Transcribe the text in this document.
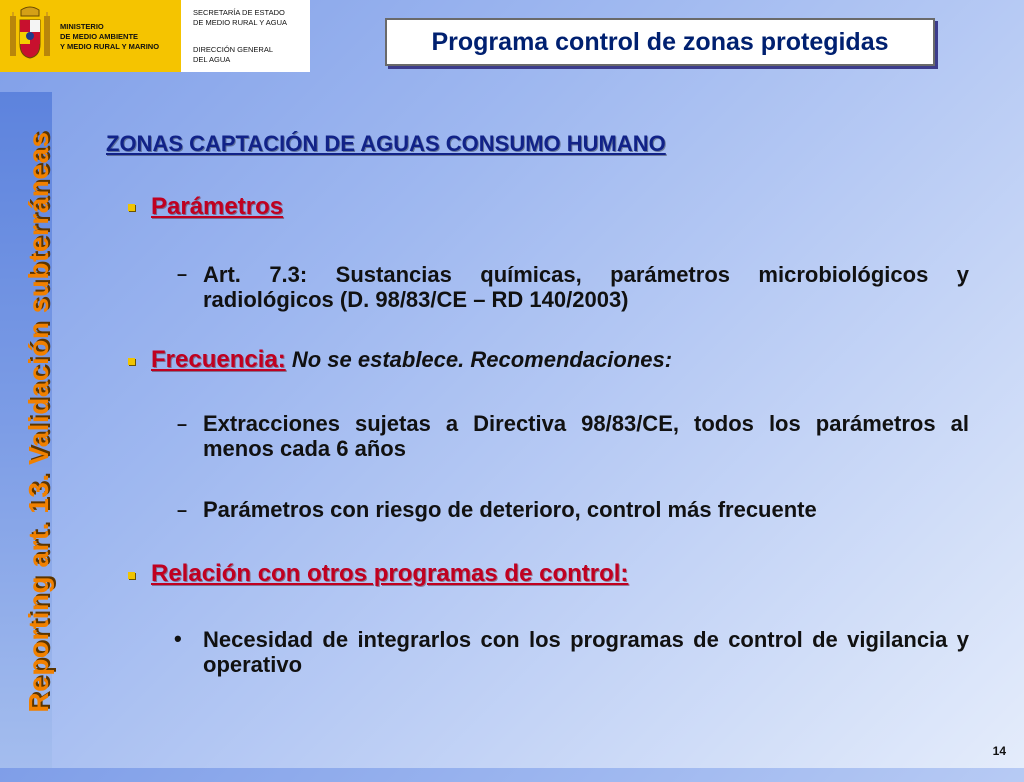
MINISTERIO
DE MEDIO AMBIENTE
Y MEDIO RURAL Y MARINO
SECRETARÍA DE ESTADO
DE MEDIO RURAL Y AGUA
DIRECCIÓN GENERAL
DEL AGUA
Programa control de zonas protegidas
Reporting art. 13. Validación subterráneas ZONAS CAPTACIÓN DE AGUAS CONSUMO HUMANO
Parámetros
– Art. 7.3: Sustancias químicas, parámetros microbiológicos y radiológicos (D. 98/83/CE – RD 140/2003)
Frecuencia: No se establece. Recomendaciones:
– Extracciones sujetas a Directiva 98/83/CE, todos los parámetros al menos cada 6 años
– Parámetros con riesgo de deterioro, control más frecuente
Relación con otros programas de control:
• Necesidad de integrarlos con los programas de control de vigilancia y operativo
14
